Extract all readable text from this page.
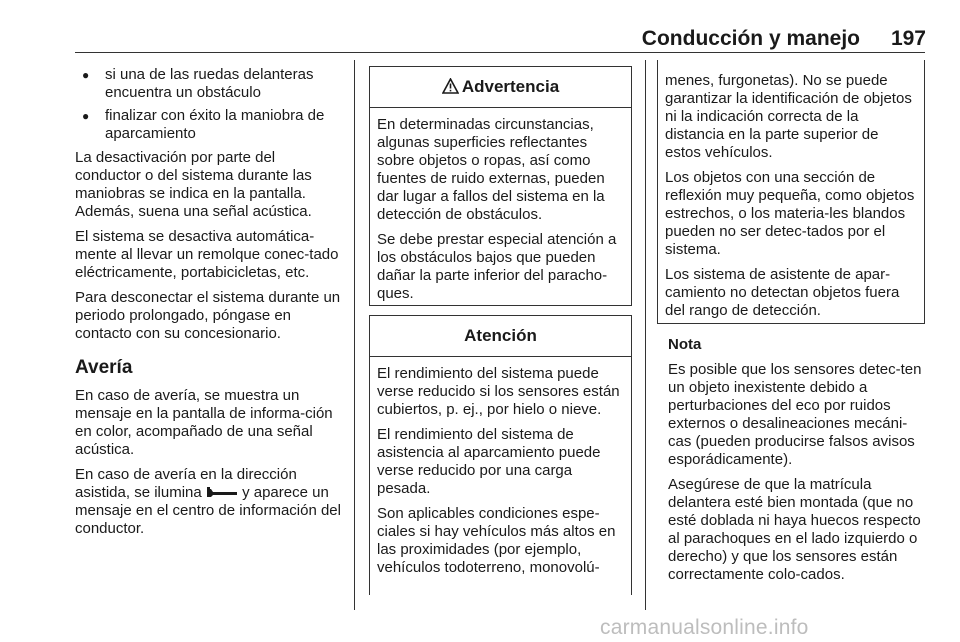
Conducción y manejo 197
● si una de las ruedas delanteras encuentra un obstáculo
● finalizar con éxito la maniobra de aparcamiento

La desactivación por parte del conductor o del sistema durante las maniobras se indica en la pantalla. Además, suena una señal acústica.

El sistema se desactiva automática-mente al llevar un remolque conec-tado eléctricamente, portabicicletas, etc.

Para desconectar el sistema durante un periodo prolongado, póngase en contacto con su concesionario.

Avería

En caso de avería, se muestra un mensaje en la pantalla de informa-ción en color, acompañado de una señal acústica.

En caso de avería en la dirección asistida, se ilumina  y aparece un mensaje en el centro de información del conductor.

Advertencia

En determinadas circunstancias, algunas superficies reflectantes sobre objetos o ropas, así como fuentes de ruido externas, pueden dar lugar a fallos del sistema en la detección de obstáculos.

Se debe prestar especial atención a los obstáculos bajos que pueden dañar la parte inferior del paracho-ques.

Atención

El rendimiento del sistema puede verse reducido si los sensores están cubiertos, p. ej., por hielo o nieve.

El rendimiento del sistema de asistencia al aparcamiento puede verse reducido por una carga pesada.

Son aplicables condiciones espe-ciales si hay vehículos más altos en las proximidades (por ejemplo, vehículos todoterreno, monovolú-

menes, furgonetas). No se puede garantizar la identificación de objetos ni la indicación correcta de la distancia en la parte superior de estos vehículos.

Los objetos con una sección de reflexión muy pequeña, como objetos estrechos, o los materia-les blandos pueden no ser detec-tados por el sistema.

Los sistema de asistente de apar-camiento no detectan objetos fuera del rango de detección.

Nota

Es posible que los sensores detec-ten un objeto inexistente debido a perturbaciones del eco por ruidos externos o desalineaciones mecáni-cas (pueden producirse falsos avisos esporádicamente).

Asegúrese de que la matrícula delantera esté bien montada (que no esté doblada ni haya huecos respecto al parachoques en el lado izquierdo o derecho) y que los sensores están correctamente colo-cados.

carmanualsonline.info
